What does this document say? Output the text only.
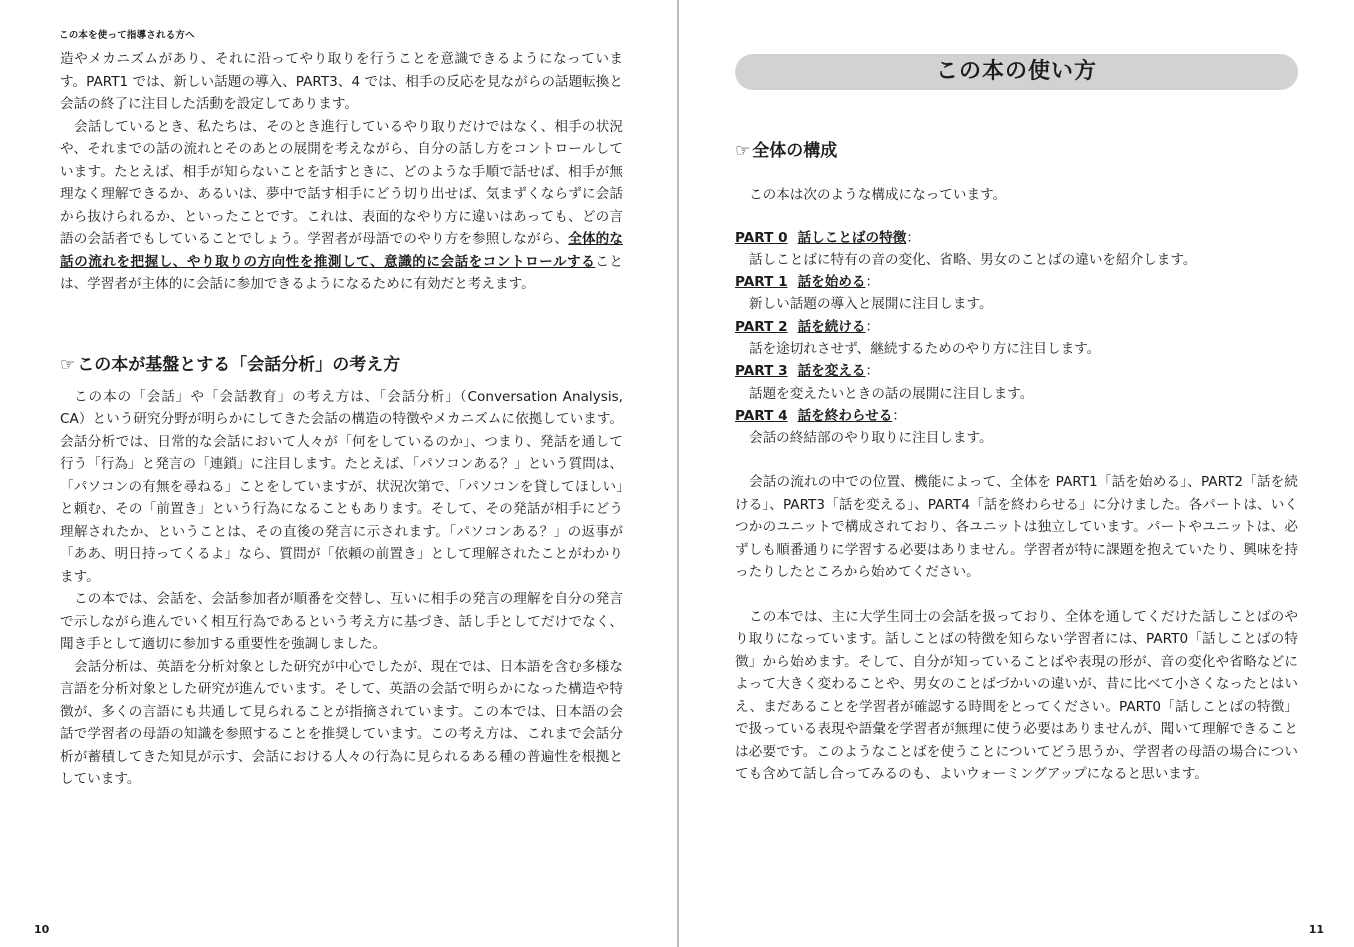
この本を使って指導される方へ

造やメカニズムがあり、それに沿ってやり取りを行うことを意識できるようになっています。PART1 では、新しい話題の導入、PART3、4 では、相手の反応を見ながらの話題転換と会話の終了に注目した活動を設定してあります。

会話しているとき、私たちは、そのとき進行しているやり取りだけではなく、相手の状況や、それまでの話の流れとそのあとの展開を考えながら、自分の話し方をコントロールしています。たとえば、相手が知らないことを話すときに、どのような手順で話せば、相手が無理なく理解できるか、あるいは、夢中で話す相手にどう切り出せば、気まずくならずに会話から抜けられるか、といったことです。これは、表面的なやり方に違いはあっても、どの言語の会話者でもしていることでしょう。学習者が母語でのやり方を参照しながら、全体的な話の流れを把握し、やり取りの方向性を推測して、意識的に会話をコントロールすることは、学習者が主体的に会話に参加できるようになるために有効だと考えます。

☞ この本が基盤とする「会話分析」の考え方

この本の「会話」や「会話教育」の考え方は、「会話分析」（Conversation Analysis, CA）という研究分野が明らかにしてきた会話の構造の特徴やメカニズムに依拠しています。会話分析では、日常的な会話において人々が「何をしているのか」、つまり、発話を通して行う「行為」と発言の「連鎖」に注目します。たとえば、「パソコンある？」という質問は、「パソコンの有無を尋ねる」ことをしていますが、状況次第で、「パソコンを貸してほしい」と頼む、その「前置き」という行為になることもあります。そして、その発話が相手にどう理解されたか、ということは、その直後の発言に示されます。「パソコンある？」の返事が「ああ、明日持ってくるよ」なら、質問が「依頼の前置き」として理解されたことがわかります。

この本では、会話を、会話参加者が順番を交替し、互いに相手の発言の理解を自分の発言で示しながら進んでいく相互行為であるという考え方に基づき、話し手としてだけでなく、聞き手として適切に参加する重要性を強調しました。

会話分析は、英語を分析対象とした研究が中心でしたが、現在では、日本語を含む多様な言語を分析対象とした研究が進んでいます。そして、英語の会話で明らかになった構造や特徴が、多くの言語にも共通して見られることが指摘されています。この本では、日本語の会話で学習者の母語の知識を参照することを推奨しています。この考え方は、これまで会話分析が蓄積してきた知見が示す、会話における人々の行為に見られるある種の普遍性を根拠としています。

10
この本の使い方
☞ 全体の構成

この本は次のような構成になっています。

PART 0 話しことばの特徴：
話しことばに特有の音の変化、省略、男女のことばの違いを紹介します。
PART 1 話を始める：
新しい話題の導入と展開に注目します。
PART 2 話を続ける：
話を途切れさせず、継続するためのやり方に注目します。
PART 3 話を変える：
話題を変えたいときの話の展開に注目します。
PART 4 話を終わらせる：
会話の終結部のやり取りに注目します。

会話の流れの中での位置、機能によって、全体を PART1「話を始める」、PART2「話を続ける」、PART3「話を変える」、PART4「話を終わらせる」に分けました。各パートは、いくつかのユニットで構成されており、各ユニットは独立しています。パートやユニットは、必ずしも順番通りに学習する必要はありません。学習者が特に課題を抱えていたり、興味を持ったりしたところから始めてください。

この本では、主に大学生同士の会話を扱っており、全体を通してくだけた話しことばのやり取りになっています。話しことばの特徴を知らない学習者には、PART0「話しことばの特徴」から始めます。そして、自分が知っていることばや表現の形が、音の変化や省略などによって大きく変わることや、男女のことばづかいの違いが、昔に比べて小さくなったとはいえ、まだあることを学習者が確認する時間をとってください。PART0「話しことばの特徴」で扱っている表現や語彙を学習者が無理に使う必要はありませんが、聞いて理解できることは必要です。このようなことばを使うことについてどう思うか、学習者の母語の場合についても含めて話し合ってみるのも、よいウォーミングアップになると思います。

11
